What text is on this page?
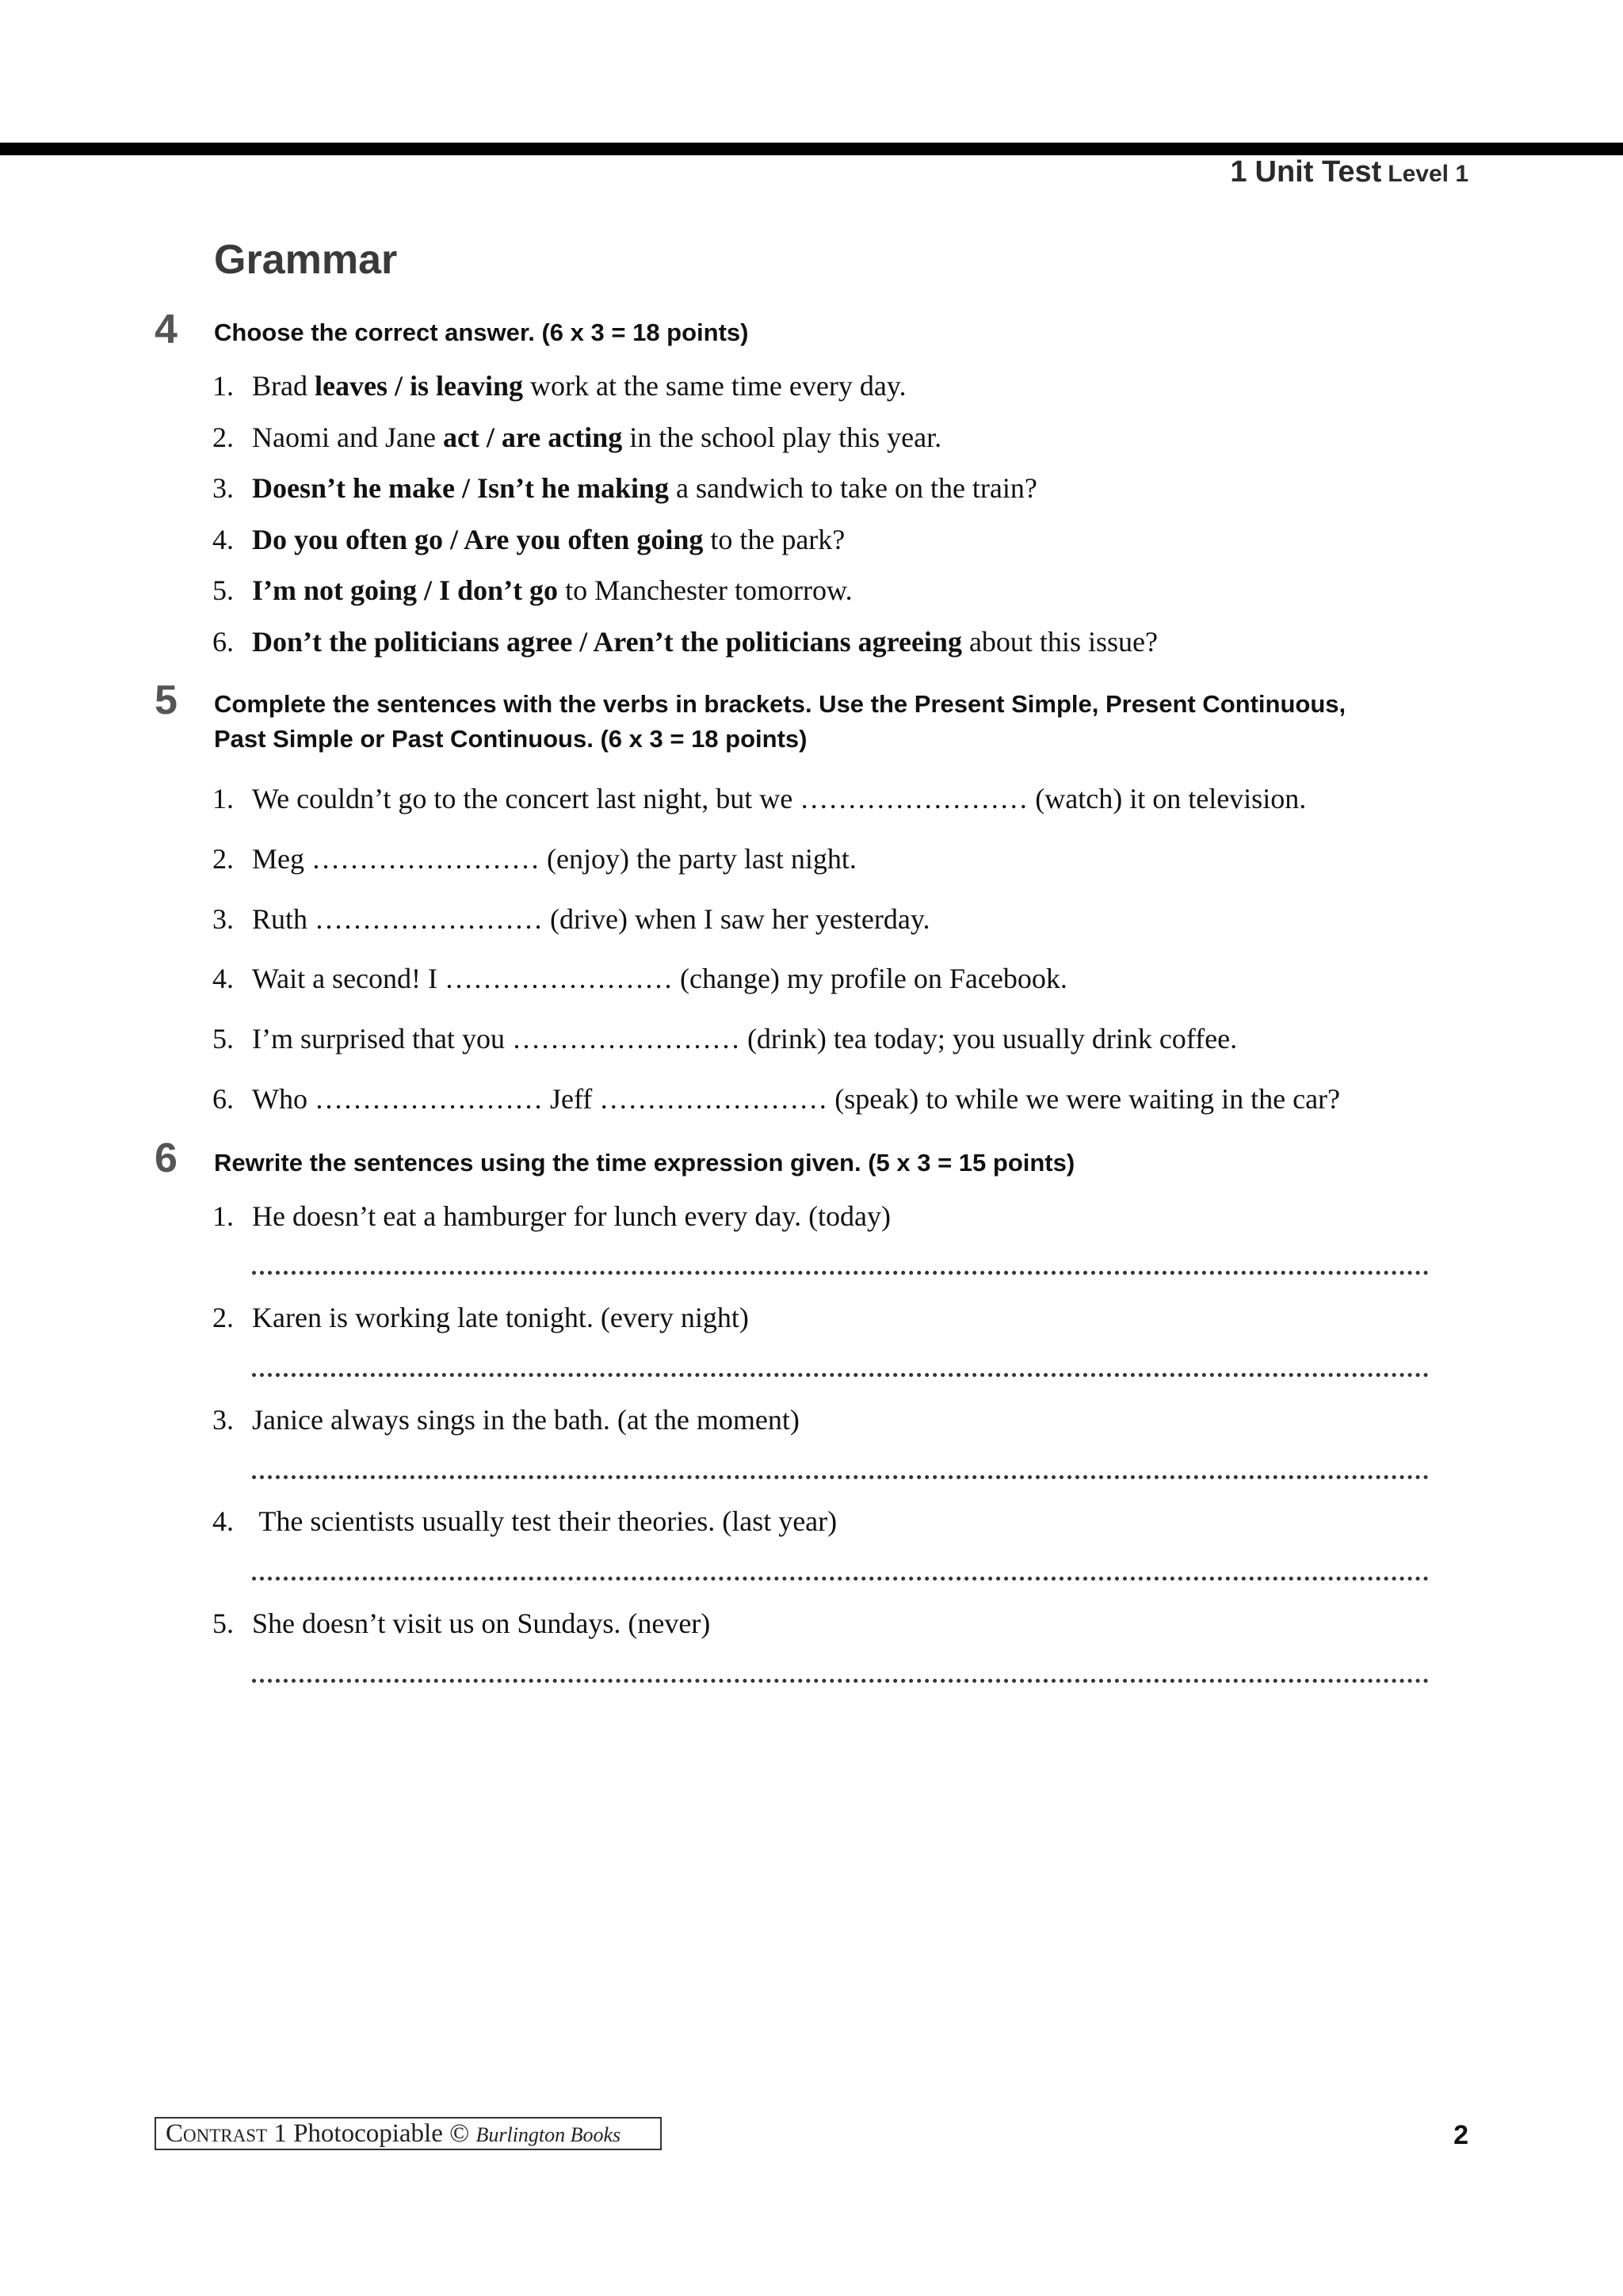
1 Unit Test Level 1
Grammar
4 Choose the correct answer. (6 x 3 = 18 points)
1. Brad leaves / is leaving work at the same time every day.
2. Naomi and Jane act / are acting in the school play this year.
3. Doesn’t he make / Isn’t he making a sandwich to take on the train?
4. Do you often go / Are you often going to the park?
5. I’m not going / I don’t go to Manchester tomorrow.
6. Don’t the politicians agree / Aren’t the politicians agreeing about this issue?
5 Complete the sentences with the verbs in brackets. Use the Present Simple, Present Continuous,
Past Simple or Past Continuous. (6 x 3 = 18 points)
1. We couldn’t go to the concert last night, but we …………………… (watch) it on television.
2. Meg …………………… (enjoy) the party last night.
3. Ruth …………………… (drive) when I saw her yesterday.
4. Wait a second! I …………………… (change) my profile on Facebook.
5. I’m surprised that you …………………… (drink) tea today; you usually drink coffee.
6. Who …………………… Jeff …………………… (speak) to while we were waiting in the car?
6 Rewrite the sentences using the time expression given. (5 x 3 = 15 points)
1. He doesn’t eat a hamburger for lunch every day. (today)
2. Karen is working late tonight. (every night)
3. Janice always sings in the bath. (at the moment)
4. The scientists usually test their theories. (last year)
5. She doesn’t visit us on Sundays. (never)
Contrast 1 Photocopiable © Burlington Books	2
